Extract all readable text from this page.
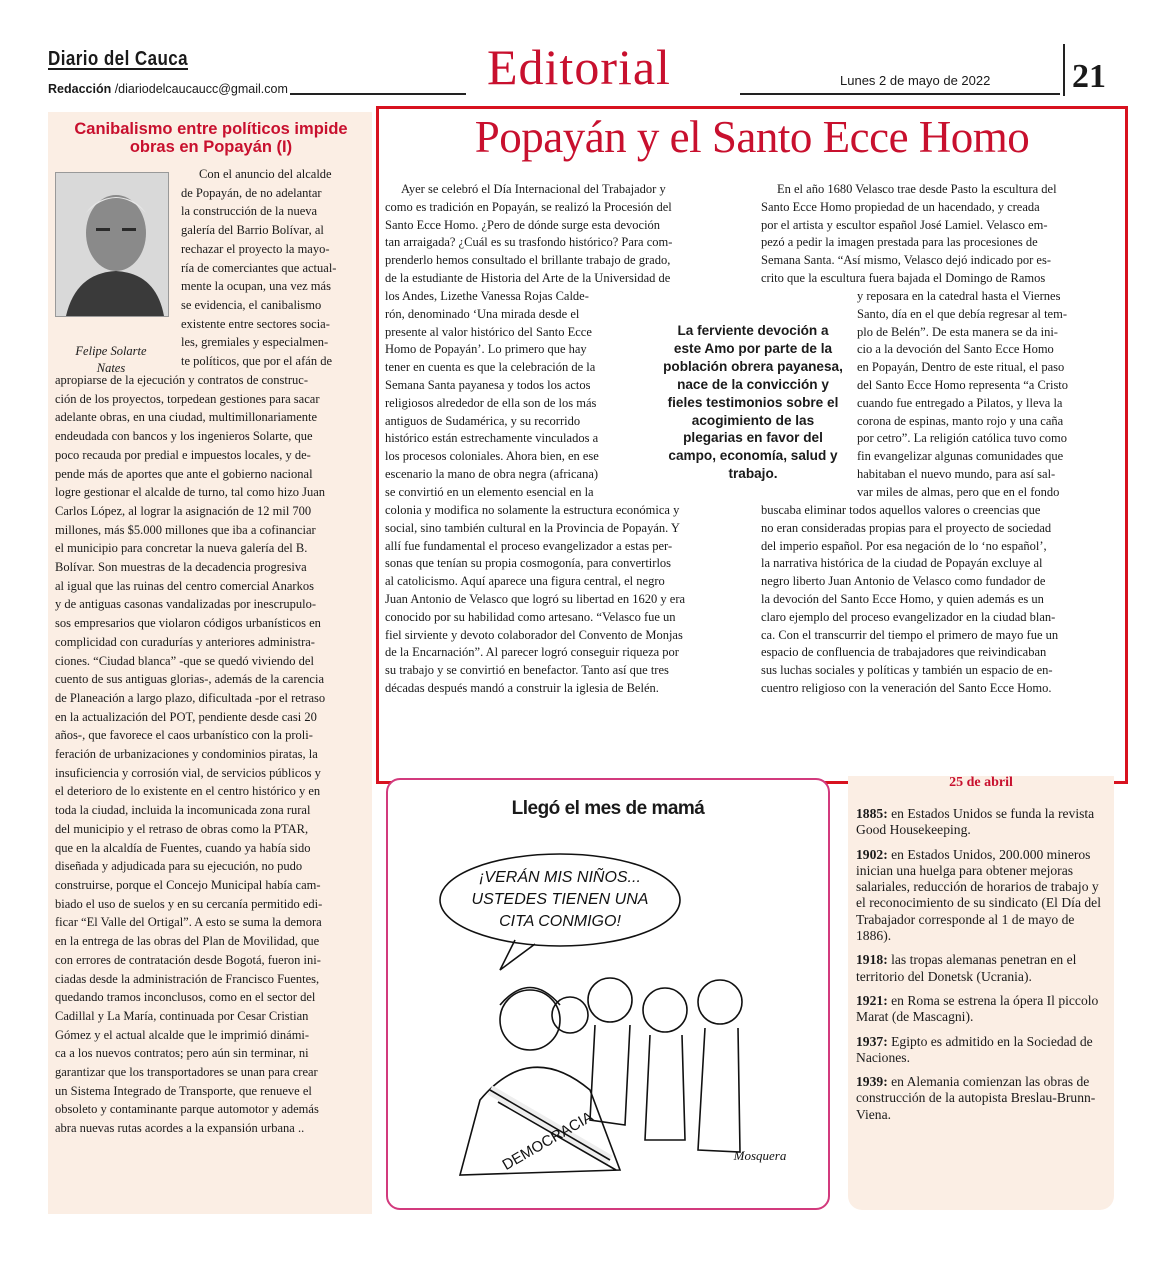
Diario del Cauca
Redacción /diariodelcaucaucc@gmail.com	Editorial	Lunes 2 de mayo de 2022 21
Canibalismo entre políticos impide obras en Popayán (I)
Felipe Solarte
Nates

Con el anuncio del alcalde

de Popayán, de no adelantar

la construcción de la nueva

galería del Barrio Bolívar, al

rechazar el proyecto la mayo-

ría de comerciantes que actual-

mente la ocupan, una vez más

se evidencia, el canibalismo

existente entre sectores socia-

les, gremiales y especialmen-

te políticos, que por el afán de

apropiarse de la ejecución y contratos de construc-

ción de los proyectos, torpedean gestiones para sacar

adelante obras, en una ciudad, multimillonariamente

endeudada con bancos y los ingenieros Solarte, que

poco recauda por predial e impuestos locales, y de-

pende más de aportes que ante el gobierno nacional

logre gestionar el alcalde de turno, tal como hizo Juan

Carlos López, al lograr la asignación de 12 mil 700

millones, más $5.000 millones que iba a cofinanciar

el municipio para concretar la nueva galería del B.

Bolívar. Son muestras de la decadencia progresiva

al igual que las ruinas del centro comercial Anarkos

y de antiguas casonas vandalizadas por inescrupulo-

sos empresarios que violaron códigos urbanísticos en

complicidad con curadurías y anteriores administra-

ciones. “Ciudad blanca” -que se quedó viviendo del

cuento de sus antiguas glorias-, además de la carencia

de Planeación a largo plazo, dificultada -por el retraso

en la actualización del POT, pendiente desde casi 20

años-, que favorece el caos urbanístico con la proli-

feración de urbanizaciones y condominios piratas, la

insuficiencia y corrosión vial, de servicios públicos y

el deterioro de lo existente en el centro histórico y en

toda la ciudad, incluida la incomunicada zona rural

del municipio y el retraso de obras como la PTAR,

que en la alcaldía de Fuentes, cuando ya había sido

diseñada y adjudicada para su ejecución, no pudo

construirse, porque el Concejo Municipal había cam-

biado el uso de suelos y en su cercanía permitido edi-

ficar “El Valle del Ortigal”. A esto se suma la demora

en la entrega de las obras del Plan de Movilidad, que

con errores de contratación desde Bogotá, fueron ini-

ciadas desde la administración de Francisco Fuentes,

quedando tramos inconclusos, como en el sector del

Cadillal y La María, continuada por Cesar Cristian

Gómez y el actual alcalde que le imprimió dinámi-

ca a los nuevos contratos; pero aún sin terminar, ni

garantizar que los transportadores se unan para crear

un Sistema Integrado de Transporte, que renueve el

obsoleto y contaminante parque automotor y además

abra nuevas rutas acordes a la expansión urbana ..

Popayán y el Santo Ecce Homo

Ayer se celebró el Día Internacional del Trabajador y

como es tradición en Popayán, se realizó la Procesión del

Santo Ecce Homo. ¿Pero de dónde surge esta devoción

tan arraigada? ¿Cuál es su trasfondo histórico? Para com-

prenderlo hemos consultado el brillante trabajo de grado,

de la estudiante de Historia del Arte de la Universidad de

los Andes, Lizethe Vanessa Rojas Calde-

rón, denominado ‘Una mirada desde el

presente al valor histórico del Santo Ecce

Homo de Popayán’. Lo primero que hay

tener en cuenta es que la celebración de la

Semana Santa payanesa y todos los actos

religiosos alrededor de ella son de los más

antiguos de Sudamérica, y su recorrido

histórico están estrechamente vinculados a

los procesos coloniales. Ahora bien, en ese

escenario la mano de obra negra (africana)

se convirtió en un elemento esencial en la

colonia y modifica no solamente la estructura económica y

social, sino también cultural en la Provincia de Popayán. Y

allí fue fundamental el proceso evangelizador a estas per-

sonas que tenían su propia cosmogonía, para convertirlos

al catolicismo. Aquí aparece una figura central, el negro

Juan Antonio de Velasco que logró su libertad en 1620 y era

conocido por su habilidad como artesano. “Velasco fue un

fiel sirviente y devoto colaborador del Convento de Monjas

de la Encarnación”. Al parecer logró conseguir riqueza por

su trabajo y se convirtió en benefactor. Tanto así que tres

décadas después mandó a construir la iglesia de Belén.

En el año 1680 Velasco trae desde Pasto la escultura del

Santo Ecce Homo propiedad de un hacendado, y creada

por el artista y escultor español José Lamiel. Velasco em-

pezó a pedir la imagen prestada para las procesiones de

Semana Santa. “Así mismo, Velasco dejó indicado por es-

crito que la escultura fuera bajada el Domingo de Ramos

y reposara en la catedral hasta el Viernes

Santo, día en el que debía regresar al tem-

plo de Belén”. De esta manera se da ini-

cio a la devoción del Santo Ecce Homo

en Popayán, Dentro de este ritual, el paso

del Santo Ecce Homo representa “a Cristo

cuando fue entregado a Pilatos, y lleva la

corona de espinas, manto rojo y una caña

por cetro”. La religión católica tuvo como

fin evangelizar algunas comunidades que

habitaban el nuevo mundo, para así sal-

var miles de almas, pero que en el fondo

buscaba eliminar todos aquellos valores o creencias que

no eran consideradas propias para el proyecto de sociedad

del imperio español. Por esa negación de lo ‘no español’,

la narrativa histórica de la ciudad de Popayán excluye al

negro liberto Juan Antonio de Velasco como fundador de

la devoción del Santo Ecce Homo, y quien además es un

claro ejemplo del proceso evangelizador en la ciudad blan-

ca. Con el transcurrir del tiempo el primero de mayo fue un

espacio de confluencia de trabajadores que reivindicaban

sus luchas sociales y políticas y también un espacio de en-

cuentro religioso con la veneración del Santo Ecce Homo.

La ferviente devoción a este Amo por parte de la población obrera payanesa, nace de la convicción y fieles testimonios sobre el acogimiento de las plegarias en favor del campo, economía, salud y trabajo.
Llegó el mes de mamá
¡VERÁN MIS NIÑOS...
USTEDES TIENEN UNA
CITA CONMIGO!
DEMOCRACIA	Mosquera
25 de abril

1885: en Estados Unidos se funda la revista Good Housekeeping.

1902: en Estados Unidos, 200.000 mineros inician una huelga para obtener mejoras salariales, reducción de horarios de trabajo y el reconocimiento de su sindicato (El Día del Trabajador corresponde al 1 de mayo de 1886).

1918: las tropas alemanas penetran en el territorio del Donetsk (Ucrania).

1921: en Roma se estrena la ópera Il piccolo Marat (de Mascagni).

1937: Egipto es admitido en la Sociedad de Naciones.

1939: en Alemania comienzan las obras de construcción de la autopista Breslau-Brunn-Viena.
